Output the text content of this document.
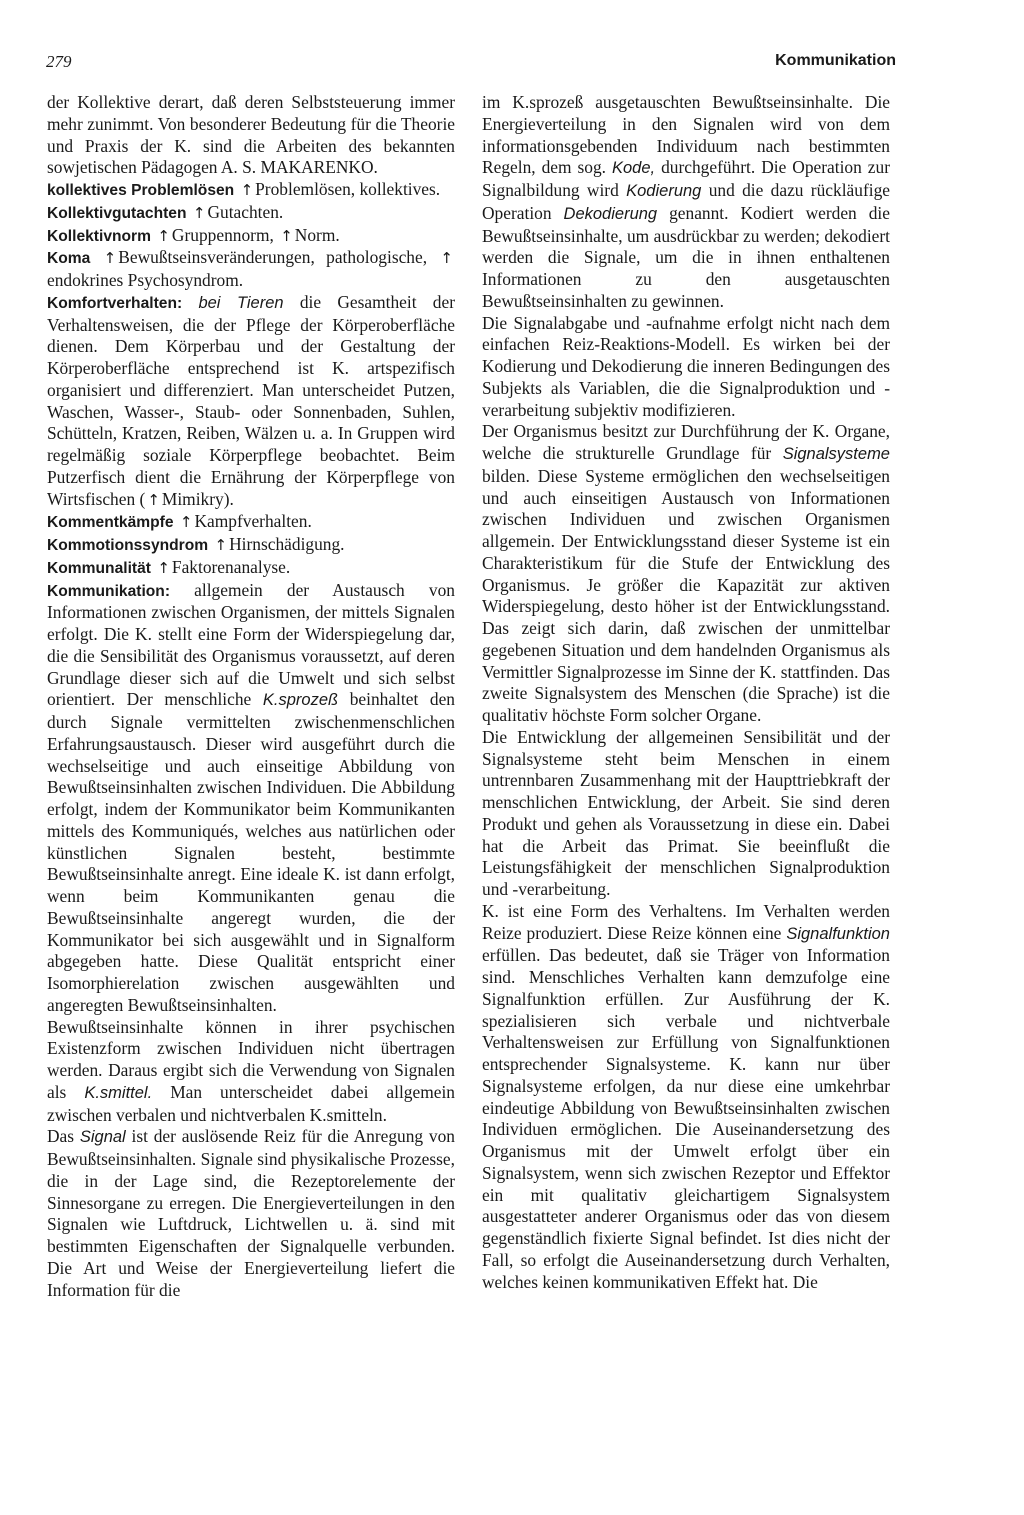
279	Kommunikation

der Kollektive derart, daß deren Selbststeuerung immer mehr zunimmt. Von besonderer Bedeutung für die Theorie und Praxis der K. sind die Arbeiten des bekannten sowjetischen Pädagogen A. S. MAKARENKO.

kollektives Problemlösen ↑ Problemlösen, kollektives.

Kollektivgutachten ↑ Gutachten.

Kollektivnorm ↑ Gruppennorm, ↑ Norm.

Koma ↑ Bewußtseinsveränderungen, pathologische, ↑endokrines Psychosyndrom.

Komfortverhalten: bei Tieren die Gesamtheit der Verhaltensweisen, die der Pflege der Körperoberfläche dienen. Dem Körperbau und der Gestaltung der Körperoberfläche entsprechend ist K. artspezifisch organisiert und differenziert. Man unterscheidet Putzen, Waschen, Wasser-, Staub- oder Sonnenbaden, Suhlen, Schütteln, Kratzen, Reiben, Wälzen u. a. In Gruppen wird regelmäßig soziale Körperpflege beobachtet. Beim Putzerfisch dient die Ernährung der Körperpflege von Wirtsfischen ( ↑ Mimikry).

Kommentkämpfe ↑ Kampfverhalten.

Kommotionssyndrom ↑ Hirnschädigung.

Kommunalität ↑ Faktorenanalyse.

Kommunikation: allgemein der Austausch von Informationen zwischen Organismen, der mittels Signalen erfolgt. Die K. stellt eine Form der Widerspiegelung dar, die die Sensibilität des Organismus voraussetzt, auf deren Grundlage dieser sich auf die Umwelt und sich selbst orientiert. Der menschliche K.sprozeß beinhaltet den durch Signale vermittelten zwischenmenschlichen Erfahrungsaustausch. Dieser wird ausgeführt durch die wechselseitige und auch einseitige Abbildung von Bewußtseinsinhalten zwischen Individuen. Die Abbildung erfolgt, indem der Kommunikator beim Kommunikanten mittels des Kommuniqués, welches aus natürlichen oder künstlichen Signalen besteht, bestimmte Bewußtseinsinhalte anregt. Eine ideale K. ist dann erfolgt, wenn beim Kommunikanten genau die Bewußtseinsinhalte angeregt wurden, die der Kommunikator bei sich ausgewählt und in Signalform abgegeben hatte. Diese Qualität entspricht einer Isomorphierelation zwischen ausgewählten und angeregten Bewußtseinsinhalten.

Bewußtseinsinhalte können in ihrer psychischen Existenzform zwischen Individuen nicht übertragen werden. Daraus ergibt sich die Verwendung von Signalen als K.smittel. Man unterscheidet dabei allgemein zwischen verbalen und nichtverbalen K.smitteln.

Das Signal ist der auslösende Reiz für die Anregung von Bewußtseinsinhalten. Signale sind physikalische Prozesse, die in der Lage sind, die Rezeptorelemente der Sinnesorgane zu erregen. Die Energieverteilungen in den Signalen wie Luftdruck, Lichtwellen u. ä. sind mit bestimmten Eigenschaften der Signalquelle verbunden. Die Art und Weise der Energieverteilung liefert die Information für die

im K.sprozeß ausgetauschten Bewußtseinsinhalte. Die Energieverteilung in den Signalen wird von dem informationsgebenden Individuum nach bestimmten Regeln, dem sog. Kode, durchgeführt. Die Operation zur Signalbildung wird Kodierung und die dazu rückläufige Operation Dekodierung genannt. Kodiert werden die Bewußtseinsinhalte, um ausdrückbar zu werden; dekodiert werden die Signale, um die in ihnen enthaltenen Informationen zu den ausgetauschten Bewußtseinsinhalten zu gewinnen.

Die Signalabgabe und -aufnahme erfolgt nicht nach dem einfachen Reiz-Reaktions-Modell. Es wirken bei der Kodierung und Dekodierung die inneren Bedingungen des Subjekts als Variablen, die die Signalproduktion und -verarbeitung subjektiv modifizieren.

Der Organismus besitzt zur Durchführung der K. Organe, welche die strukturelle Grundlage für Signalsysteme bilden. Diese Systeme ermöglichen den wechselseitigen und auch einseitigen Austausch von Informationen zwischen Individuen und zwischen Organismen allgemein. Der Entwicklungsstand dieser Systeme ist ein Charakteristikum für die Stufe der Entwicklung des Organismus. Je größer die Kapazität zur aktiven Widerspiegelung, desto höher ist der Entwicklungsstand. Das zeigt sich darin, daß zwischen der unmittelbar gegebenen Situation und dem handelnden Organismus als Vermittler Signalprozesse im Sinne der K. stattfinden. Das zweite Signalsystem des Menschen (die Sprache) ist die qualitativ höchste Form solcher Organe.

Die Entwicklung der allgemeinen Sensibilität und der Signalsysteme steht beim Menschen in einem untrennbaren Zusammenhang mit der Haupttriebkraft der menschlichen Entwicklung, der Arbeit. Sie sind deren Produkt und gehen als Voraussetzung in diese ein. Dabei hat die Arbeit das Primat. Sie beeinflußt die Leistungsfähigkeit der menschlichen Signalproduktion und -verarbeitung.

K. ist eine Form des Verhaltens. Im Verhalten werden Reize produziert. Diese Reize können eine Signalfunktion erfüllen. Das bedeutet, daß sie Träger von Information sind. Menschliches Verhalten kann demzufolge eine Signalfunktion erfüllen. Zur Ausführung der K. spezialisieren sich verbale und nichtverbale Verhaltensweisen zur Erfüllung von Signalfunktionen entsprechender Signalsysteme. K. kann nur über Signalsysteme erfolgen, da nur diese eine umkehrbar eindeutige Abbildung von Bewußtseinsinhalten zwischen Individuen ermöglichen. Die Auseinandersetzung des Organismus mit der Umwelt erfolgt über ein Signalsystem, wenn sich zwischen Rezeptor und Effektor ein mit qualitativ gleichartigem Signalsystem ausgestatteter anderer Organismus oder das von diesem gegenständlich fixierte Signal befindet. Ist dies nicht der Fall, so erfolgt die Auseinandersetzung durch Verhalten, welches keinen kommunikativen Effekt hat. Die
